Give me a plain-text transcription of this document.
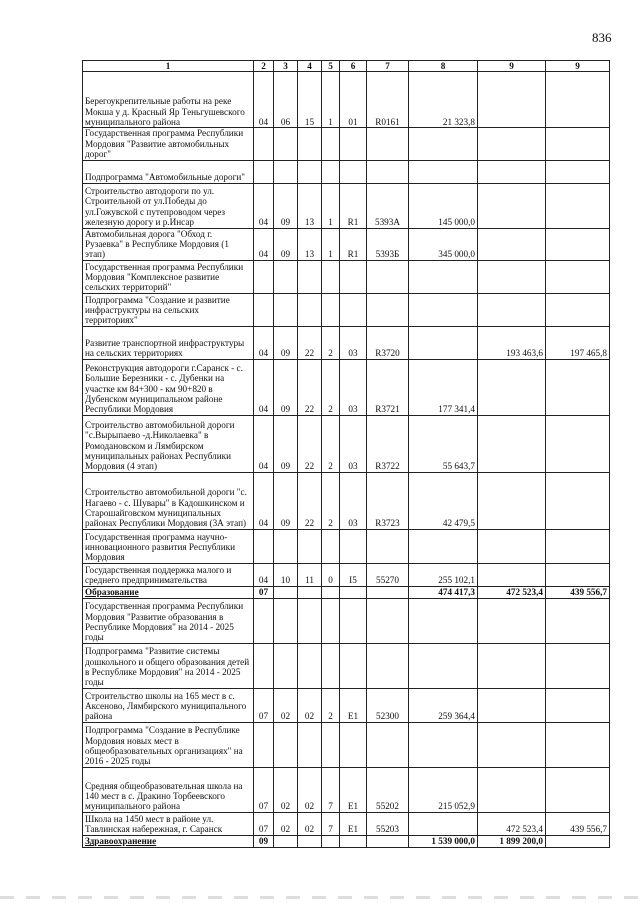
836
1	2	3	4	5	6	7	8	9	9
Берегоукрепительные работы на реке Мокша у д. Красный Яр Теньгушевского муниципального района	04	06	15	1	01	R0161	21 323,8		
Государственная программа Республики Мордовия "Развитие автомобильных дорог"									
Подпрограмма "Автомобильные дороги"									
Строительство автодороги по ул. Строительной от ул.Победы до ул.Гожувской с путепроводом через железную дорогу и р.Инсар	04	09	13	1	R1	5393А	145 000,0		
Автомобильная дорога "Обход г. Рузаевка" в Республике Мордовия (1 этап)	04	09	13	1	R1	5393Б	345 000,0		
Государственная программа Республики Мордовия "Комплексное развитие сельских территорий"									
Подпрограмма "Создание и развитие инфраструктуры на сельских территориях"									
Развитие транспортной инфраструктуры на сельских территориях	04	09	22	2	03	R3720		193 463,6	197 465,8
Реконструкция автодороги г.Саранск - с. Большие Березники - с. Дубенки на участке км 84+300 - км 90+820 в Дубенском муниципальном районе Республики Мордовия	04	09	22	2	03	R3721	177 341,4		
Строительство автомобильной дороги "с.Вырыпаево -д.Николаевка" в Ромодановском и Лямбирском муниципальных районах Республики Мордовия (4 этап)	04	09	22	2	03	R3722	55 643,7		
Строительство автомобильной дороги "с. Нагаево - с. Шувары" в Кадошкинском и Старошайговском муниципальных районах Республики Мордовия (3А этап)	04	09	22	2	03	R3723	42 479,5		
Государственная программа научно-инновационного развития Республики Мордовия									
Государственная поддержка малого и среднего предпринимательства	04	10	11	0	I5	55270	255 102,1		
Образование	07						474 417,3	472 523,4	439 556,7
Государственная программа Республики Мордовия "Развитие образования в Республике Мордовия" на 2014 - 2025 годы									
Подпрограмма "Развитие системы дошкольного и общего образования детей в Республике Мордовия" на 2014 - 2025 годы									
Строительство школы на 165 мест в с. Аксеново, Лямбирского муниципального района	07	02	02	2	E1	52300	259 364,4		
Подпрограмма "Создание в Республике Мордовия новых мест в общеобразовательных организациях" на 2016 - 2025 годы									
Средняя общеобразовательная школа на 140 мест в с. Дракино Торбеевского муниципального района	07	02	02	7	E1	55202	215 052,9		
Школа на 1450 мест в районе ул. Тавлинская набережная, г. Саранск	07	02	02	7	E1	55203		472 523,4	439 556,7
Здравоохранение	09						1 539 000,0	1 899 200,0	
